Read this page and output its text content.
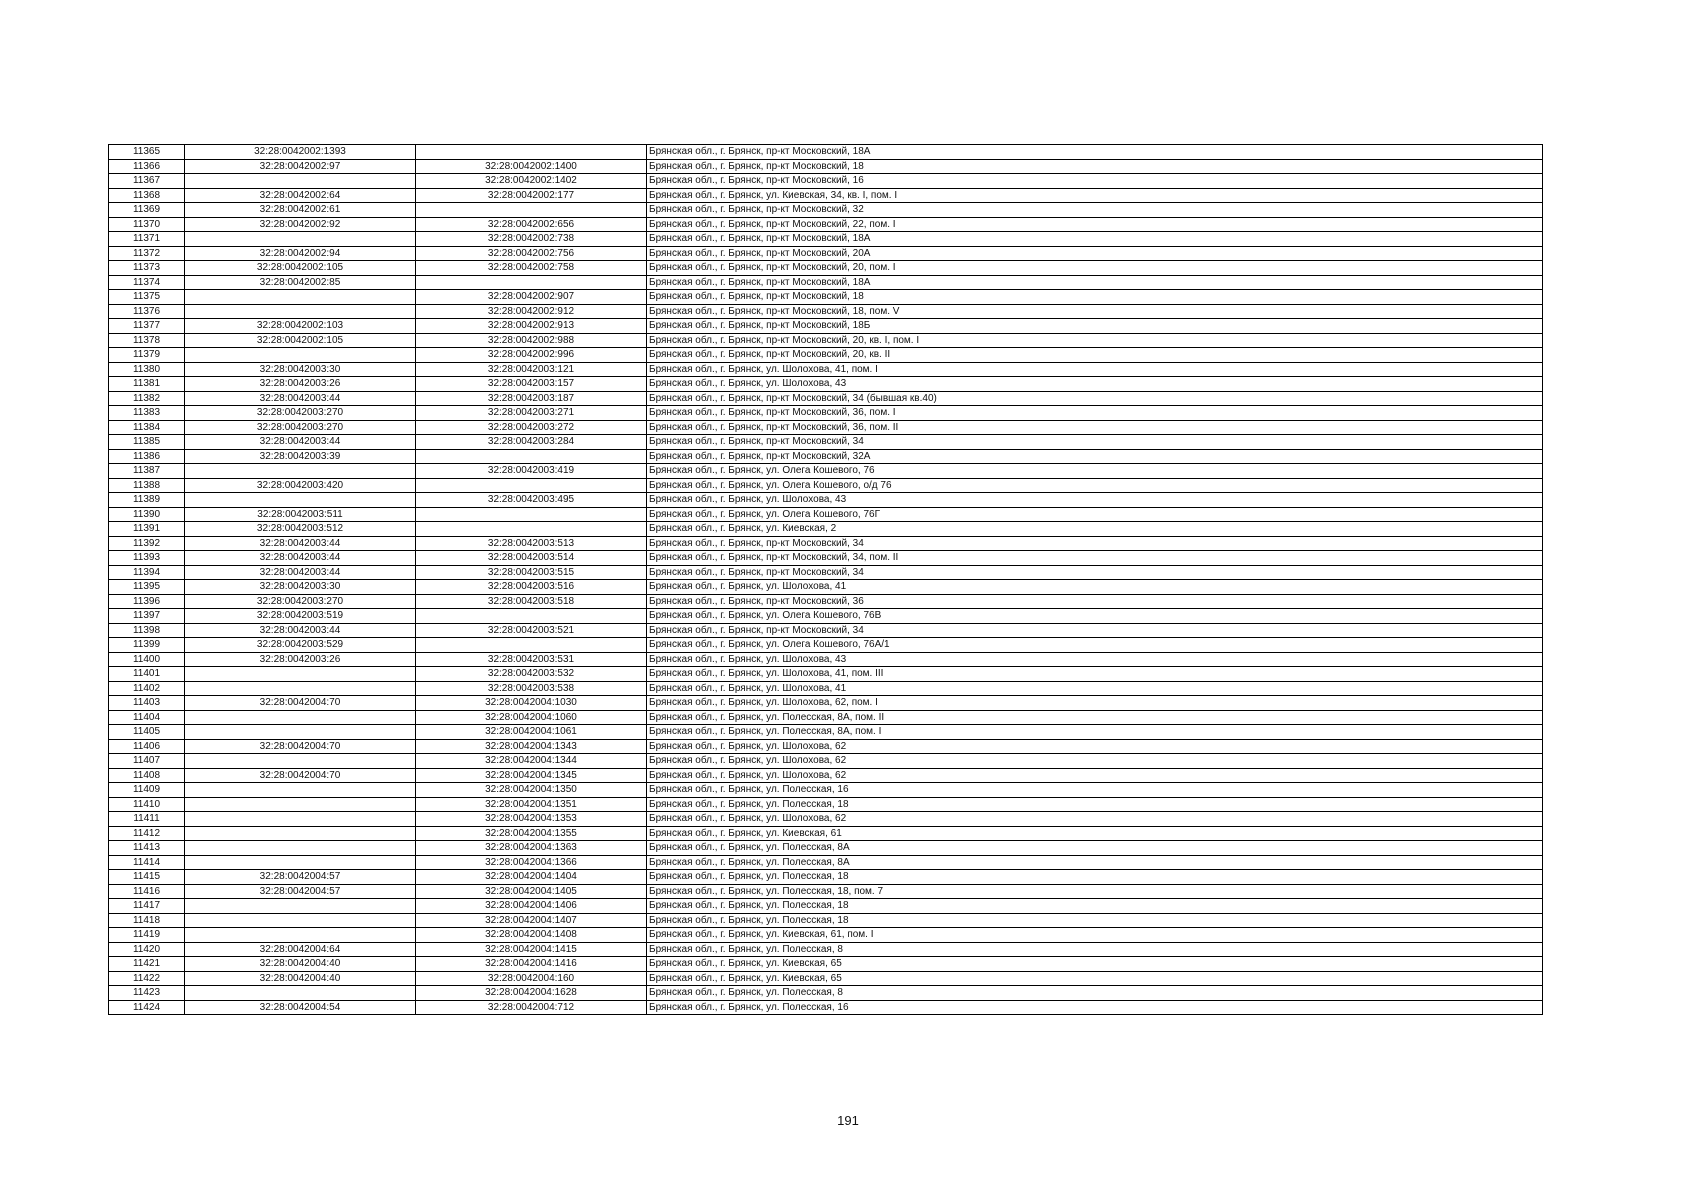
11365	32:28:0042002:1393		Брянская обл., г. Брянск, пр-кт Московский, 18А
11366	32:28:0042002:97	32:28:0042002:1400	Брянская обл., г. Брянск, пр-кт Московский, 18
11367		32:28:0042002:1402	Брянская обл., г. Брянск, пр-кт Московский, 16
11368	32:28:0042002:64	32:28:0042002:177	Брянская обл., г. Брянск, ул. Киевская, 34, кв. I, пом. I
11369	32:28:0042002:61		Брянская обл., г. Брянск, пр-кт Московский, 32
11370	32:28:0042002:92	32:28:0042002:656	Брянская обл., г. Брянск, пр-кт Московский, 22, пом. I
11371		32:28:0042002:738	Брянская обл., г. Брянск, пр-кт Московский, 18А
11372	32:28:0042002:94	32:28:0042002:756	Брянская обл., г. Брянск, пр-кт Московский, 20А
11373	32:28:0042002:105	32:28:0042002:758	Брянская обл., г. Брянск, пр-кт Московский, 20, пом. I
11374	32:28:0042002:85		Брянская обл., г. Брянск, пр-кт Московский, 18А
11375		32:28:0042002:907	Брянская обл., г. Брянск, пр-кт Московский, 18
11376		32:28:0042002:912	Брянская обл., г. Брянск, пр-кт Московский, 18, пом. V
11377	32:28:0042002:103	32:28:0042002:913	Брянская обл., г. Брянск, пр-кт Московский, 18Б
11378	32:28:0042002:105	32:28:0042002:988	Брянская обл., г. Брянск, пр-кт Московский, 20, кв. I, пом. I
11379		32:28:0042002:996	Брянская обл., г. Брянск, пр-кт Московский, 20, кв. II
11380	32:28:0042003:30	32:28:0042003:121	Брянская обл., г. Брянск, ул. Шолохова, 41, пом. I
11381	32:28:0042003:26	32:28:0042003:157	Брянская обл., г. Брянск, ул. Шолохова, 43
11382	32:28:0042003:44	32:28:0042003:187	Брянская обл., г. Брянск, пр-кт Московский, 34 (бывшая кв.40)
11383	32:28:0042003:270	32:28:0042003:271	Брянская обл., г. Брянск, пр-кт Московский, 36, пом. I
11384	32:28:0042003:270	32:28:0042003:272	Брянская обл., г. Брянск, пр-кт Московский, 36, пом. II
11385	32:28:0042003:44	32:28:0042003:284	Брянская обл., г. Брянск, пр-кт Московский, 34
11386	32:28:0042003:39		Брянская обл., г. Брянск, пр-кт Московский, 32А
11387		32:28:0042003:419	Брянская обл., г. Брянск, ул. Олега Кошевого, 76
11388	32:28:0042003:420		Брянская обл., г. Брянск, ул. Олега Кошевого, о/д 76
11389		32:28:0042003:495	Брянская обл., г. Брянск, ул. Шолохова, 43
11390	32:28:0042003:511		Брянская обл., г. Брянск, ул. Олега Кошевого, 76Г
11391	32:28:0042003:512		Брянская обл., г. Брянск, ул. Киевская, 2
11392	32:28:0042003:44	32:28:0042003:513	Брянская обл., г. Брянск, пр-кт Московский, 34
11393	32:28:0042003:44	32:28:0042003:514	Брянская обл., г. Брянск, пр-кт Московский, 34, пом. II
11394	32:28:0042003:44	32:28:0042003:515	Брянская обл., г. Брянск, пр-кт Московский, 34
11395	32:28:0042003:30	32:28:0042003:516	Брянская обл., г. Брянск, ул. Шолохова, 41
11396	32:28:0042003:270	32:28:0042003:518	Брянская обл., г. Брянск, пр-кт Московский, 36
11397	32:28:0042003:519		Брянская обл., г. Брянск, ул. Олега Кошевого, 76В
11398	32:28:0042003:44	32:28:0042003:521	Брянская обл., г. Брянск, пр-кт Московский, 34
11399	32:28:0042003:529		Брянская обл., г. Брянск, ул. Олега Кошевого, 76А/1
11400	32:28:0042003:26	32:28:0042003:531	Брянская обл., г. Брянск, ул. Шолохова, 43
11401		32:28:0042003:532	Брянская обл., г. Брянск, ул. Шолохова, 41, пом. III
11402		32:28:0042003:538	Брянская обл., г. Брянск, ул. Шолохова, 41
11403	32:28:0042004:70	32:28:0042004:1030	Брянская обл., г. Брянск, ул. Шолохова, 62, пом. I
11404		32:28:0042004:1060	Брянская обл., г. Брянск, ул. Полесская, 8А, пом. II
11405		32:28:0042004:1061	Брянская обл., г. Брянск, ул. Полесская, 8А, пом. I
11406	32:28:0042004:70	32:28:0042004:1343	Брянская обл., г. Брянск, ул. Шолохова, 62
11407		32:28:0042004:1344	Брянская обл., г. Брянск, ул. Шолохова, 62
11408	32:28:0042004:70	32:28:0042004:1345	Брянская обл., г. Брянск, ул. Шолохова, 62
11409		32:28:0042004:1350	Брянская обл., г. Брянск, ул. Полесская, 16
11410		32:28:0042004:1351	Брянская обл., г. Брянск, ул. Полесская, 18
11411		32:28:0042004:1353	Брянская обл., г. Брянск, ул. Шолохова, 62
11412		32:28:0042004:1355	Брянская обл., г. Брянск, ул. Киевская, 61
11413		32:28:0042004:1363	Брянская обл., г. Брянск, ул. Полесская, 8А
11414		32:28:0042004:1366	Брянская обл., г. Брянск, ул. Полесская, 8А
11415	32:28:0042004:57	32:28:0042004:1404	Брянская обл., г. Брянск, ул. Полесская, 18
11416	32:28:0042004:57	32:28:0042004:1405	Брянская обл., г. Брянск, ул. Полесская, 18, пом. 7
11417		32:28:0042004:1406	Брянская обл., г. Брянск, ул. Полесская, 18
11418		32:28:0042004:1407	Брянская обл., г. Брянск, ул. Полесская, 18
11419		32:28:0042004:1408	Брянская обл., г. Брянск, ул. Киевская, 61, пом. I
11420	32:28:0042004:64	32:28:0042004:1415	Брянская обл., г. Брянск, ул. Полесская, 8
11421	32:28:0042004:40	32:28:0042004:1416	Брянская обл., г. Брянск, ул. Киевская, 65
11422	32:28:0042004:40	32:28:0042004:160	Брянская обл., г. Брянск, ул. Киевская, 65
11423		32:28:0042004:1628	Брянская обл., г. Брянск, ул. Полесская, 8
11424	32:28:0042004:54	32:28:0042004:712	Брянская обл., г. Брянск, ул. Полесская, 16
191
